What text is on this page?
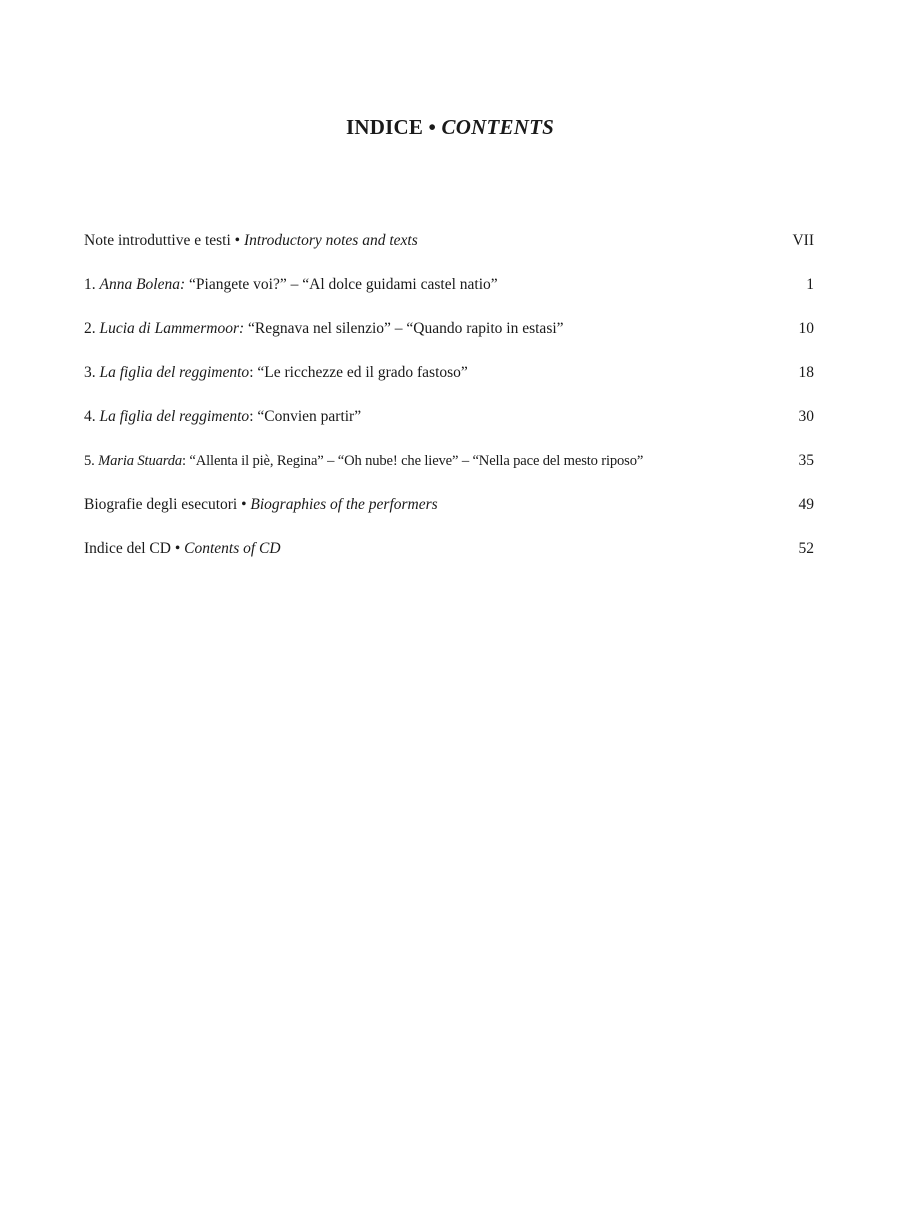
INDICE • CONTENTS
Note introduttive e testi • Introductory notes and texts	VII
1. Anna Bolena: “Piangete voi?” – “Al dolce guidami castel natio”	1
2. Lucia di Lammermoor: “Regnava nel silenzio” – “Quando rapito in estasi”	10
3. La figlia del reggimento: “Le ricchezze ed il grado fastoso”	18
4. La figlia del reggimento: “Convien partir”	30
5. Maria Stuarda: “Allenta il piè, Regina” – “Oh nube! che lieve” – “Nella pace del mesto riposo”	35
Biografie degli esecutori • Biographies of the performers	49
Indice del CD • Contents of CD	52
